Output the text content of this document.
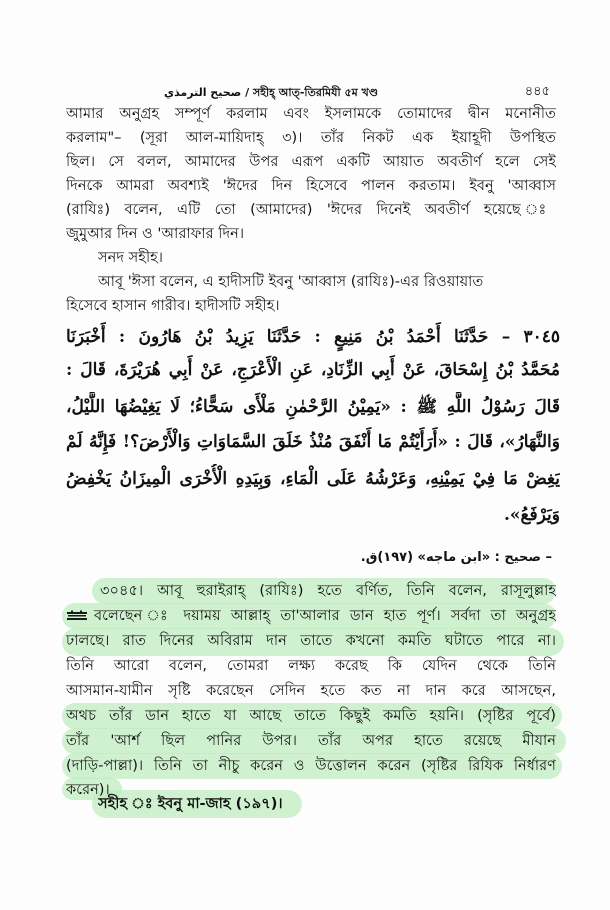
صحيح الترمذي / সহীহ্ আত্-তিরমিযী ৫ম খণ্ড	৪৪৫
আমার অনুগ্রহ সম্পূর্ণ করলাম এবং ইসলামকে তোমাদের দ্বীন মনোনীত
করলাম"– (সূরা আল-মায়িদাহ্ ৩)। তাঁর নিকট এক ইয়াহূদী উপস্থিত
ছিল। সে বলল, আমাদের উপর এরূপ একটি আয়াত অবতীর্ণ হলে সেই
দিনকে আমরা অবশ্যই 'ঈদের দিন হিসেবে পালন করতাম। ইবনু 'আব্বাস
(রাযিঃ) বলেন, এটি তো (আমাদের) 'ঈদের দিনেই অবতীর্ণ হয়েছে ঃ
জুমুআর দিন ও 'আরাফার দিন।
সনদ সহীহ।
আবূ 'ঈসা বলেন, এ হাদীসটি ইবনু 'আব্বাস (রাযিঃ)-এর রিওয়ায়াত
হিসেবে হাসান গারীব। হাদীসটি সহীহ।
٣٠٤٥ – حَدَّثَنَا أَحْمَدُ بْنُ مَنِيعٍ : حَدَّثَنَا يَزِيدُ بْنُ هَارُونَ : أَخْبَرَنَا
مُحَمَّدُ بْنُ إِسْحَاقَ، عَنْ أَبِي الزِّنَادِ، عَنِ الْأَعْرَجِ، عَنْ أَبِي هُرَيْرَةَ، قَالَ :
قَالَ رَسُوْلُ اللَّهِ ﷺ : «يَمِيْنُ الرَّحْمٰنِ مَلْأَى سَحًّاءُ؛ لَا يَغِيْضُهَا اللَّيْلُ،
وَالنَّهَارُ»، قَالَ : «أَرَأَيْتُمْ مَا أَنْفَقَ مُنْذُ خَلَقَ السَّمَاوَاتِ وَالْأَرْضَ؟! فَإِنَّهُ لَمْ
يَغِضْ مَا فِيْ يَمِيْنِهِ، وَعَرْشُهُ عَلَى الْمَاءِ، وَبِيَدِهِ الْأُخْرَى الْمِيزَانُ يَخْفِضُ
وَيَرْفَعُ».
– صحيح : «ابن ماجه» (١٩٧)ق.
৩০৪৫। আবূ হুরাইরাহ্ (রাযিঃ) হতে বর্ণিত, তিনি বলেন, রাসূলুল্লাহ
বলেছেন ঃ দয়াময় আল্লাহ্ তা'আলার ডান হাত পূর্ণ। সর্বদা তা অনুগ্রহ
ঢালছে। রাত দিনের অবিরাম দান তাতে কখনো কমতি ঘটাতে পারে না।
তিনি আরো বলেন, তোমরা লক্ষ্য করেছ কি যেদিন থেকে তিনি
আসমান-যামীন সৃষ্টি করেছেন সেদিন হতে কত না দান করে আসছেন,
অথচ তাঁর ডান হাতে যা আছে তাতে কিছুই কমতি হয়নি। (সৃষ্টির পূর্বে)
তাঁর 'আর্শ ছিল পানির উপর। তাঁর অপর হাতে রয়েছে মীযান
(দাড়ি-পাল্লা)। তিনি তা নীচু করেন ও উত্তোলন করেন (সৃষ্টির রিযিক নির্ধারণ
করেন)।
সহীহ ঃ ইবনু মা-জাহ (১৯৭)।
